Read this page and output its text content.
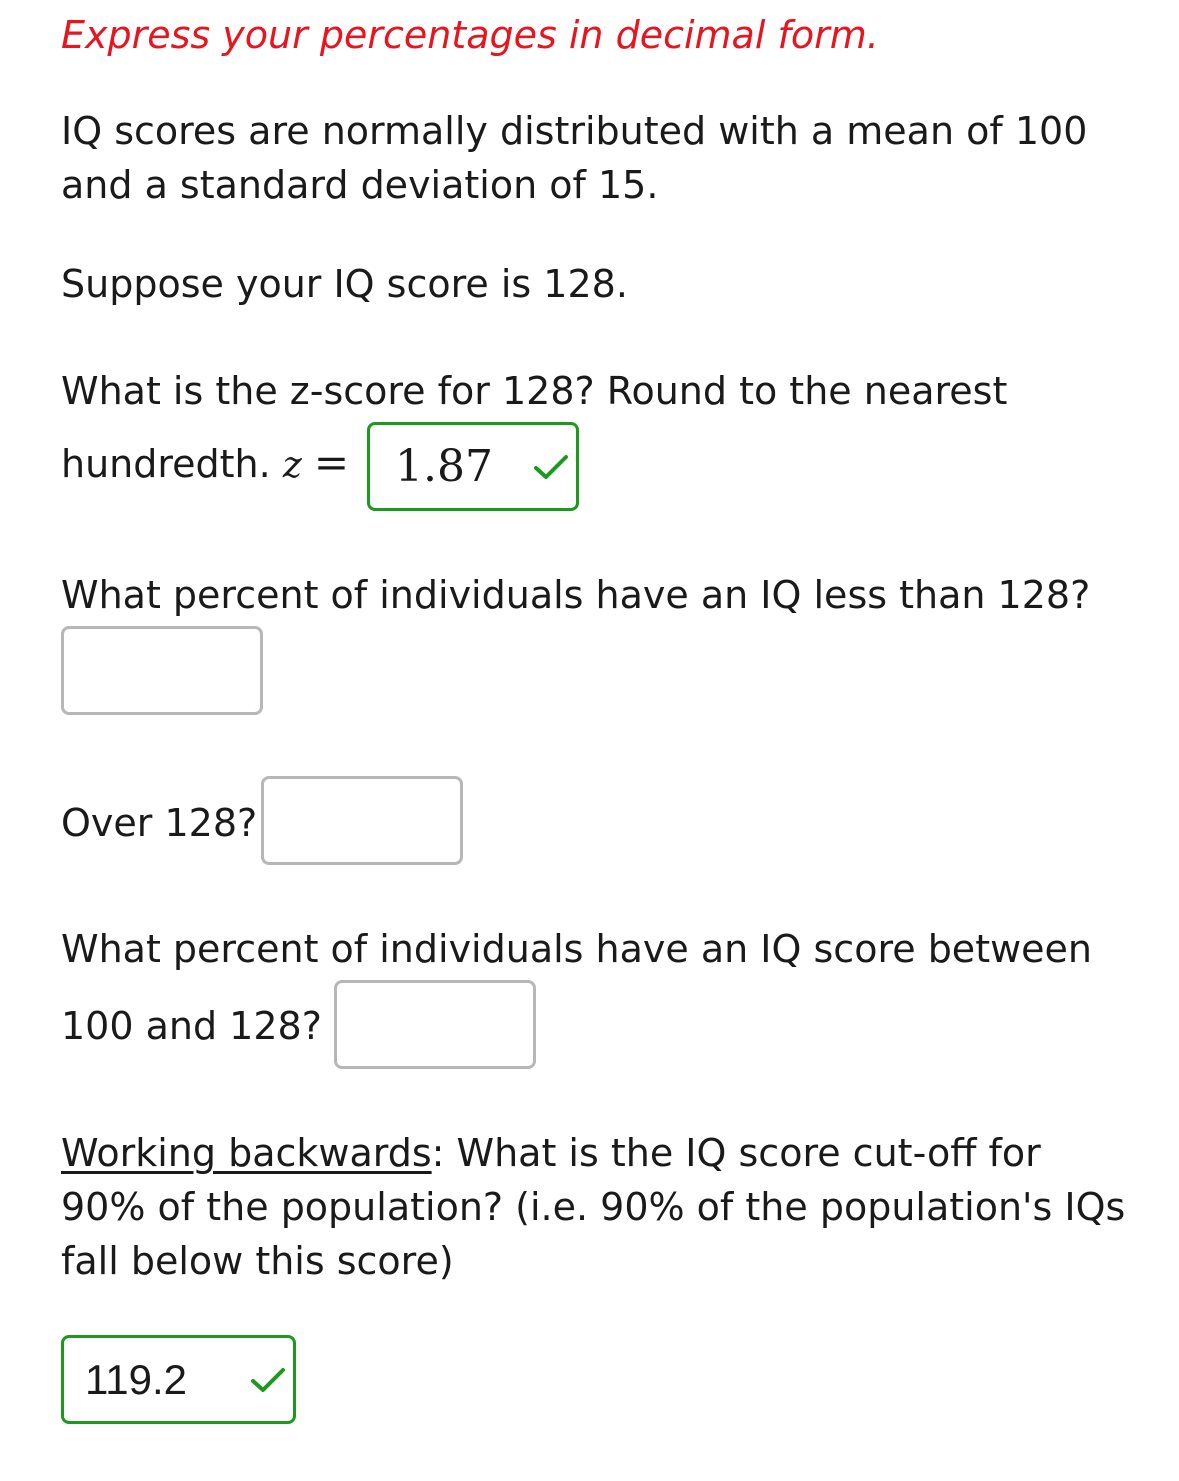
Express your percentages in decimal form.
IQ scores are normally distributed with a mean of 100
and a standard deviation of 15.
Suppose your IQ score is 128.
What is the z-score for 128? Round to the nearest
hundredth. z = 1.87
What percent of individuals have an IQ less than 128?
Over 128?
What percent of individuals have an IQ score between
100 and 128?
Working backwards: What is the IQ score cut-off for
90% of the population? (i.e. 90% of the population's IQs
fall below this score)
119.2
